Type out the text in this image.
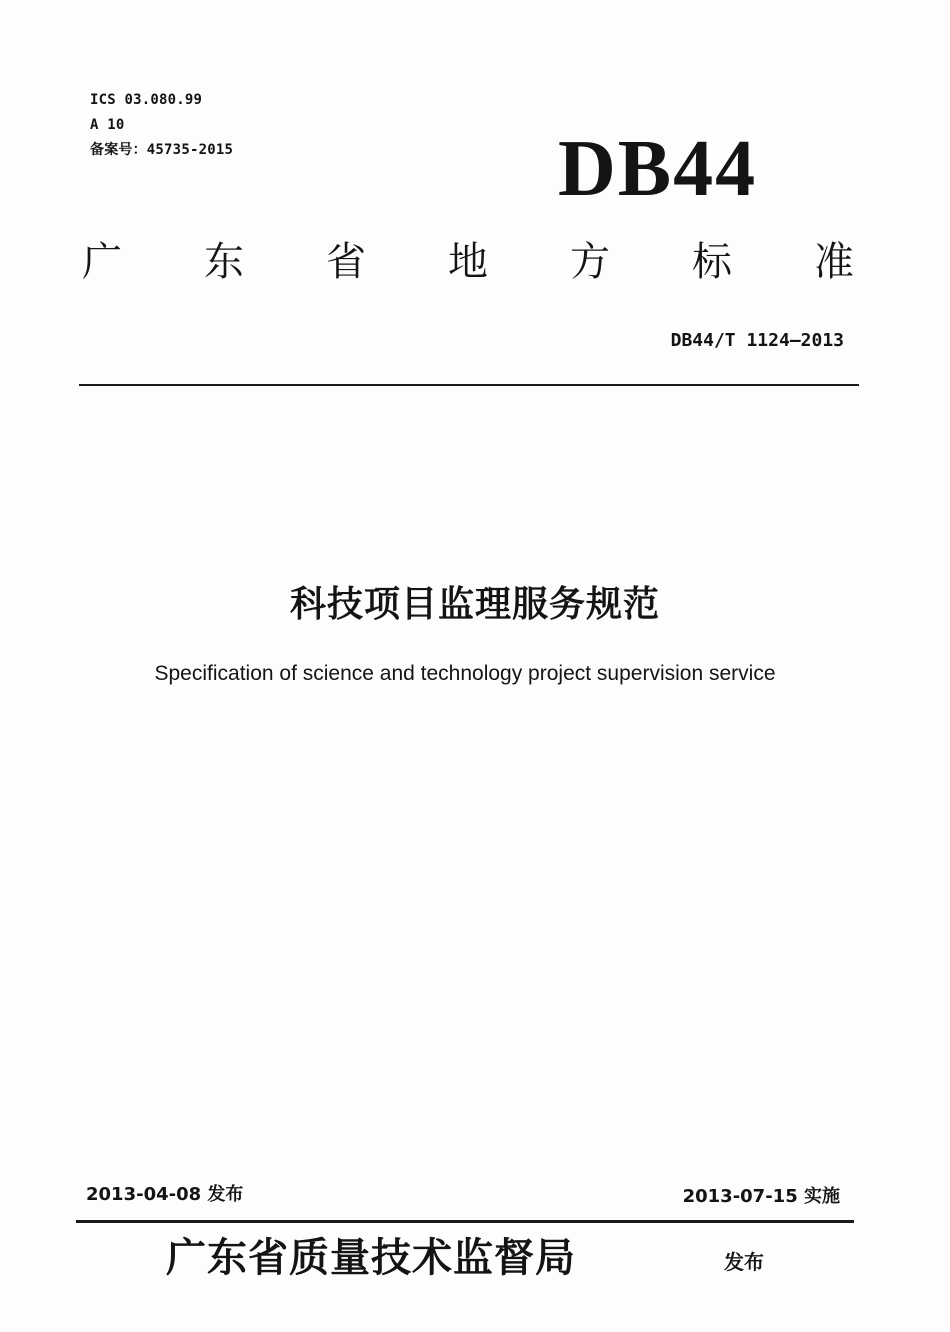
ICS 03.080.99
A 10
备案号：45735-2015	DB44
广 东 省 地 方 标 准
DB44/T 1124—2013
科技项目监理服务规范
Specification of science and technology project supervision service
2013-04-08 发布	2013-07-15 实施
广东省质量技术监督局	发布
